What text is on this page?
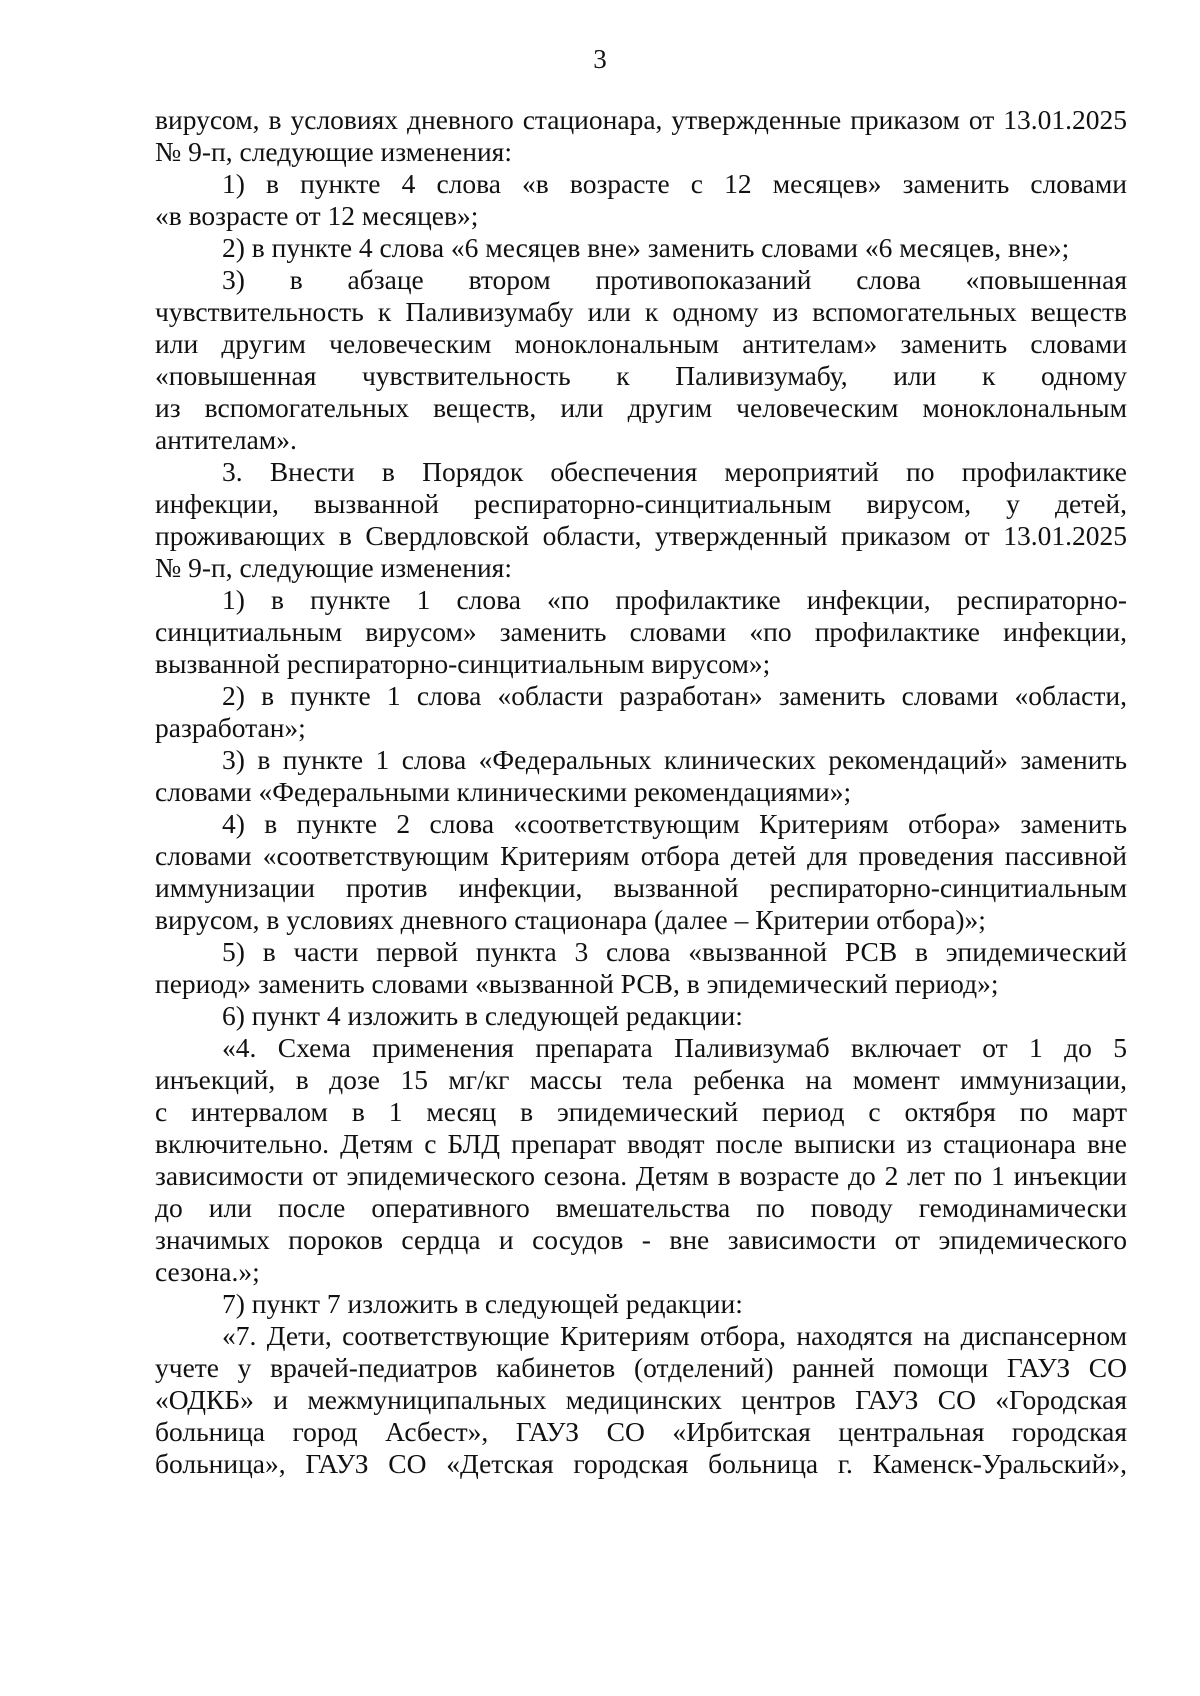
3
вирусом, в условиях дневного стационара, утвержденные приказом от 13.01.2025
№ 9-п, следующие изменения:
1) в пункте 4 слова «в возрасте с 12 месяцев» заменить словами
«в возрасте от 12 месяцев»;
2) в пункте 4 слова «6 месяцев вне» заменить словами «6 месяцев, вне»;
3) в абзаце втором противопоказаний слова «повышенная
чувствительность к Паливизумабу или к одному из вспомогательных веществ
или другим человеческим моноклональным антителам» заменить словами
«повышенная чувствительность к Паливизумабу, или к одному
из вспомогательных веществ, или другим человеческим моноклональным
антителам».
3. Внести в Порядок обеспечения мероприятий по профилактике
инфекции, вызванной респираторно-синцитиальным вирусом, у детей,
проживающих в Свердловской области, утвержденный приказом от 13.01.2025
№ 9-п, следующие изменения:
1) в пункте 1 слова «по профилактике инфекции, респираторно-
синцитиальным вирусом» заменить словами «по профилактике инфекции,
вызванной респираторно-синцитиальным вирусом»;
2) в пункте 1 слова «области разработан» заменить словами «области,
разработан»;
3) в пункте 1 слова «Федеральных клинических рекомендаций» заменить
словами «Федеральными клиническими рекомендациями»;
4) в пункте 2 слова «соответствующим Критериям отбора» заменить
словами «соответствующим Критериям отбора детей для проведения пассивной
иммунизации против инфекции, вызванной респираторно-синцитиальным
вирусом, в условиях дневного стационара (далее – Критерии отбора)»;
5) в части первой пункта 3 слова «вызванной РСВ в эпидемический
период» заменить словами «вызванной РСВ, в эпидемический период»;
6) пункт 4 изложить в следующей редакции:
«4. Схема применения препарата Паливизумаб включает от 1 до 5
инъекций, в дозе 15 мг/кг массы тела ребенка на момент иммунизации,
с интервалом в 1 месяц в эпидемический период с октября по март
включительно. Детям с БЛД препарат вводят после выписки из стационара вне
зависимости от эпидемического сезона. Детям в возрасте до 2 лет по 1 инъекции
до или после оперативного вмешательства по поводу гемодинамически
значимых пороков сердца и сосудов - вне зависимости от эпидемического
сезона.»;
7) пункт 7 изложить в следующей редакции:
«7. Дети, соответствующие Критериям отбора, находятся на диспансерном
учете у врачей-педиатров кабинетов (отделений) ранней помощи ГАУЗ СО
«ОДКБ» и межмуниципальных медицинских центров ГАУЗ СО «Городская
больница город Асбест», ГАУЗ СО «Ирбитская центральная городская
больница», ГАУЗ СО «Детская городская больница г. Каменск-Уральский»,
